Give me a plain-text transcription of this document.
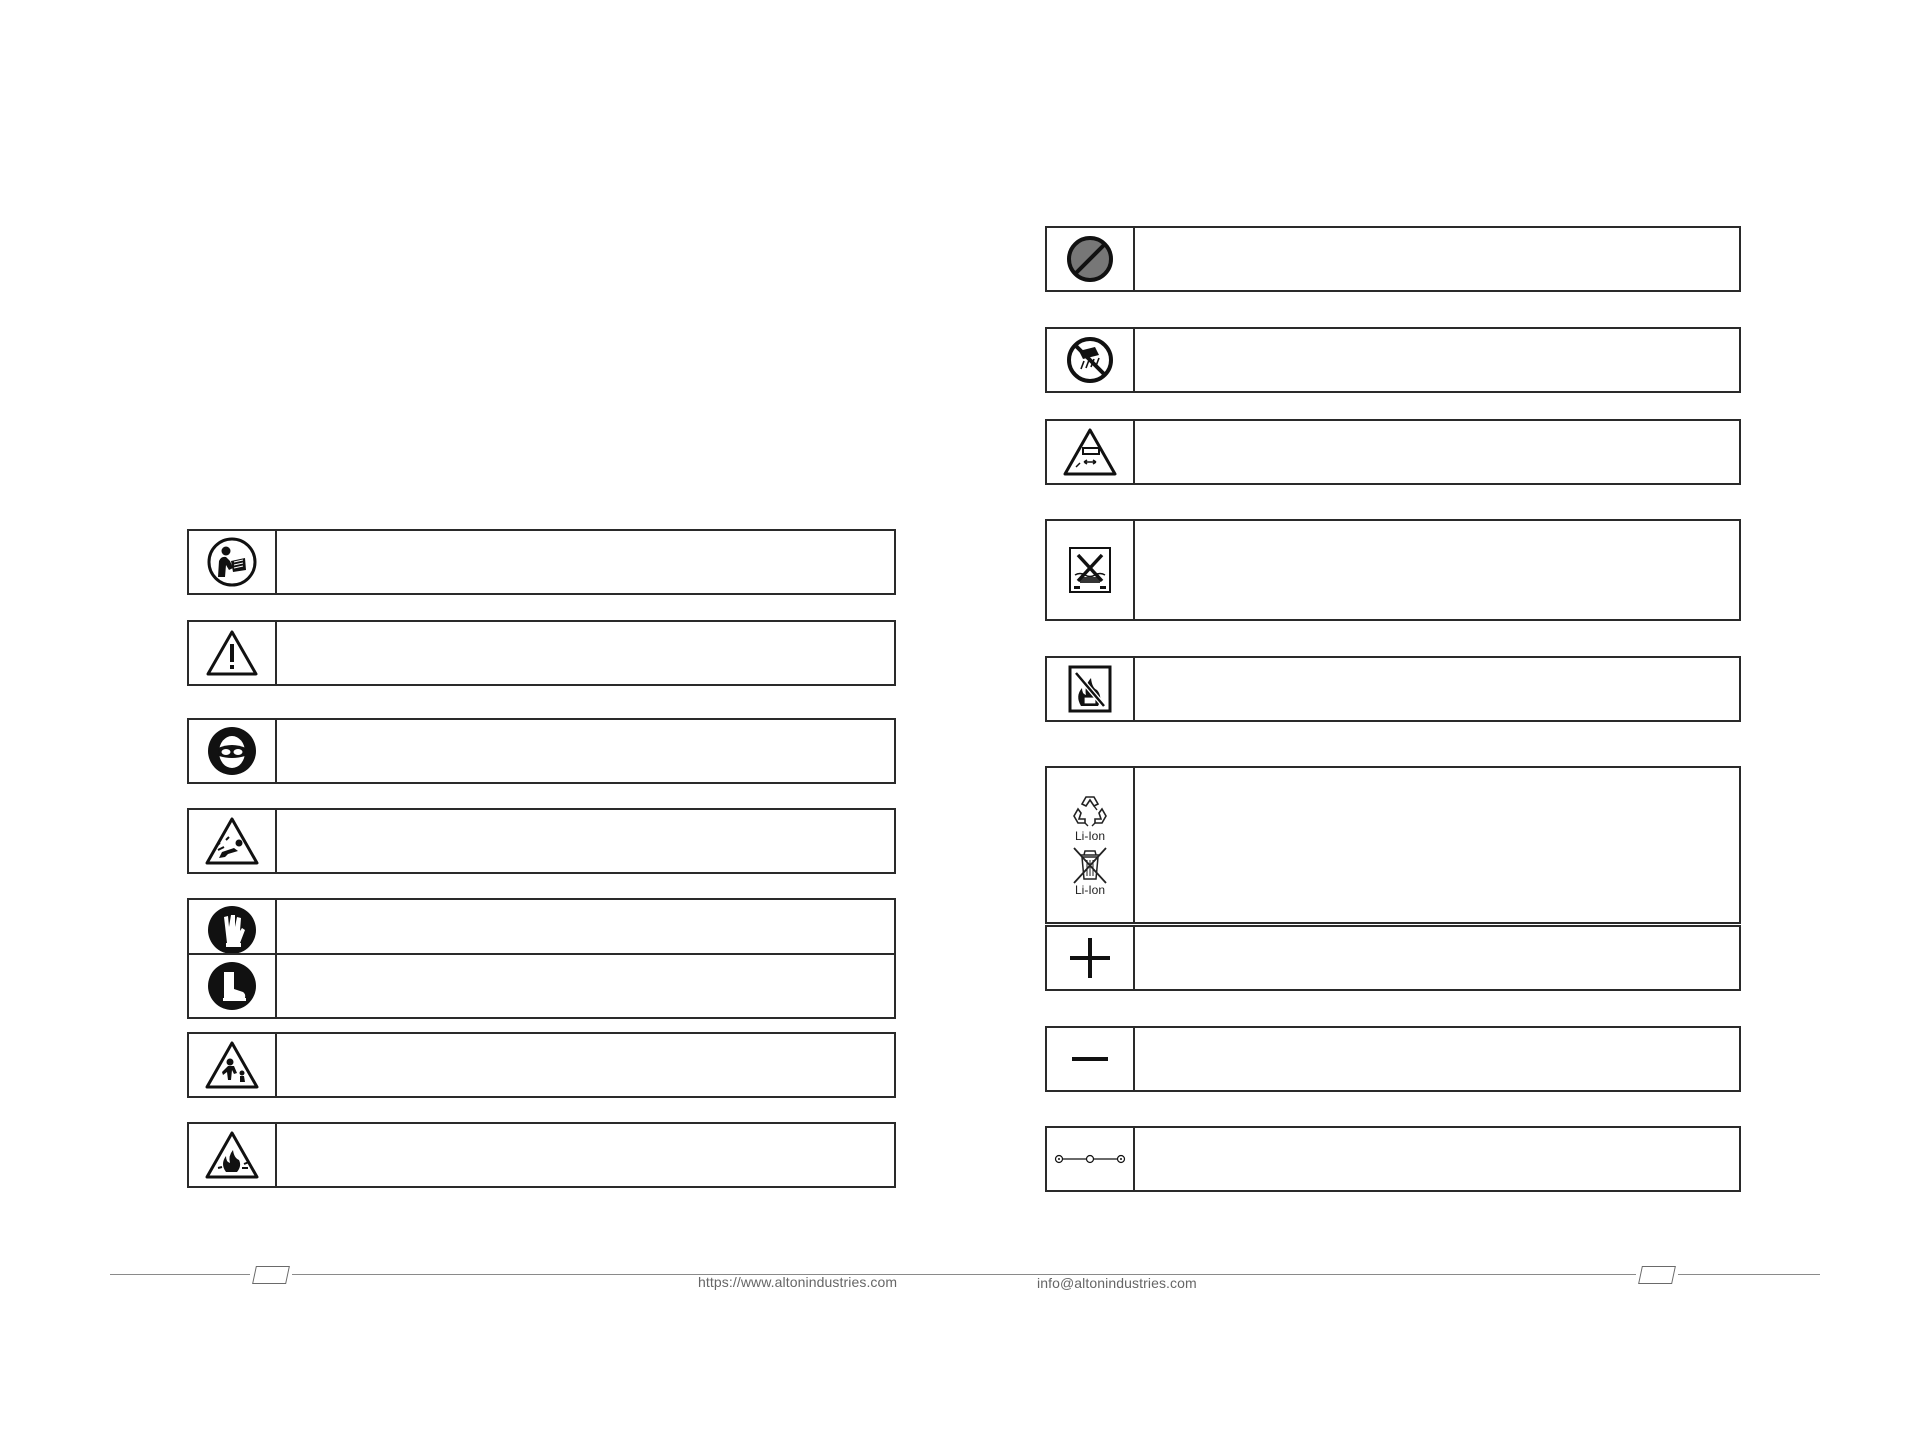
Li-Ion
Li-Ion
https://www.altonindustries.com	info@altonindustries.com
